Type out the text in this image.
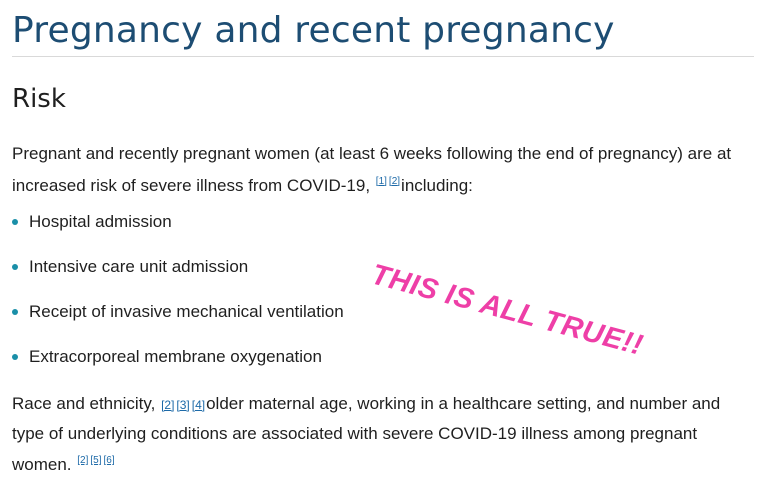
Pregnancy and recent pregnancy
Risk
Pregnant and recently pregnant women (at least 6 weeks following the end of pregnancy) are at increased risk of severe illness from COVID-19, [1] [2]including:
Hospital admission
Intensive care unit admission
Receipt of invasive mechanical ventilation
Extracorporeal membrane oxygenation
Race and ethnicity, [2] [3] [4]older maternal age, working in a healthcare setting, and number and type of underlying conditions are associated with severe COVID-19 illness among pregnant women. [2] [5] [6]
THIS IS ALL TRUE!!
